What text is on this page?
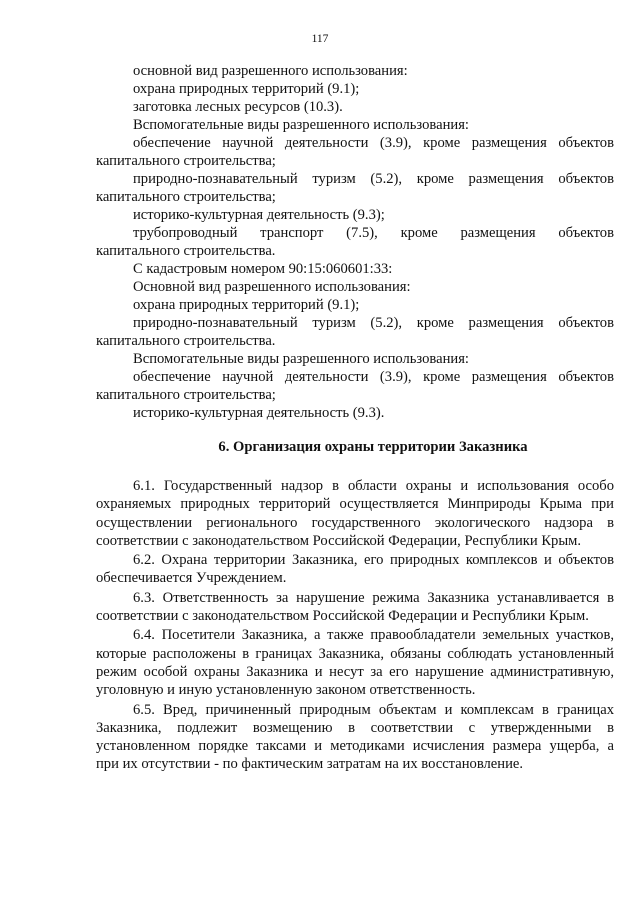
117
основной вид разрешенного использования:
охрана природных территорий (9.1);
заготовка лесных ресурсов (10.3).
Вспомогательные виды разрешенного использования:
обеспечение научной деятельности (3.9), кроме размещения объектов
капитального строительства;
природно-познавательный туризм (5.2), кроме размещения объектов
капитального строительства;
историко-культурная деятельность (9.3);
трубопроводный транспорт (7.5), кроме размещения объектов
капитального строительства.
С кадастровым номером 90:15:060601:33:
Основной вид разрешенного использования:
охрана природных территорий (9.1);
природно-познавательный туризм (5.2), кроме размещения объектов
капитального строительства.
Вспомогательные виды разрешенного использования:
обеспечение научной деятельности (3.9), кроме размещения объектов
капитального строительства;
историко-культурная деятельность (9.3).
6. Организация охраны территории Заказника
6.1. Государственный надзор в области охраны и использования особо
охраняемых природных территорий осуществляется Минприроды Крыма при
осуществлении регионального государственного экологического надзора в
соответствии с законодательством Российской Федерации, Республики Крым.
6.2. Охрана территории Заказника, его природных комплексов и объектов
обеспечивается Учреждением.
6.3. Ответственность за нарушение режима Заказника устанавливается в
соответствии с законодательством Российской Федерации и Республики Крым.
6.4. Посетители Заказника, а также правообладатели земельных участков,
которые расположены в границах Заказника, обязаны соблюдать установленный
режим особой охраны Заказника и несут за его нарушение административную,
уголовную и иную установленную законом ответственность.
6.5. Вред, причиненный природным объектам и комплексам в границах
Заказника, подлежит возмещению в соответствии с утвержденными в
установленном порядке таксами и методиками исчисления размера ущерба, а
при их отсутствии - по фактическим затратам на их восстановление.
